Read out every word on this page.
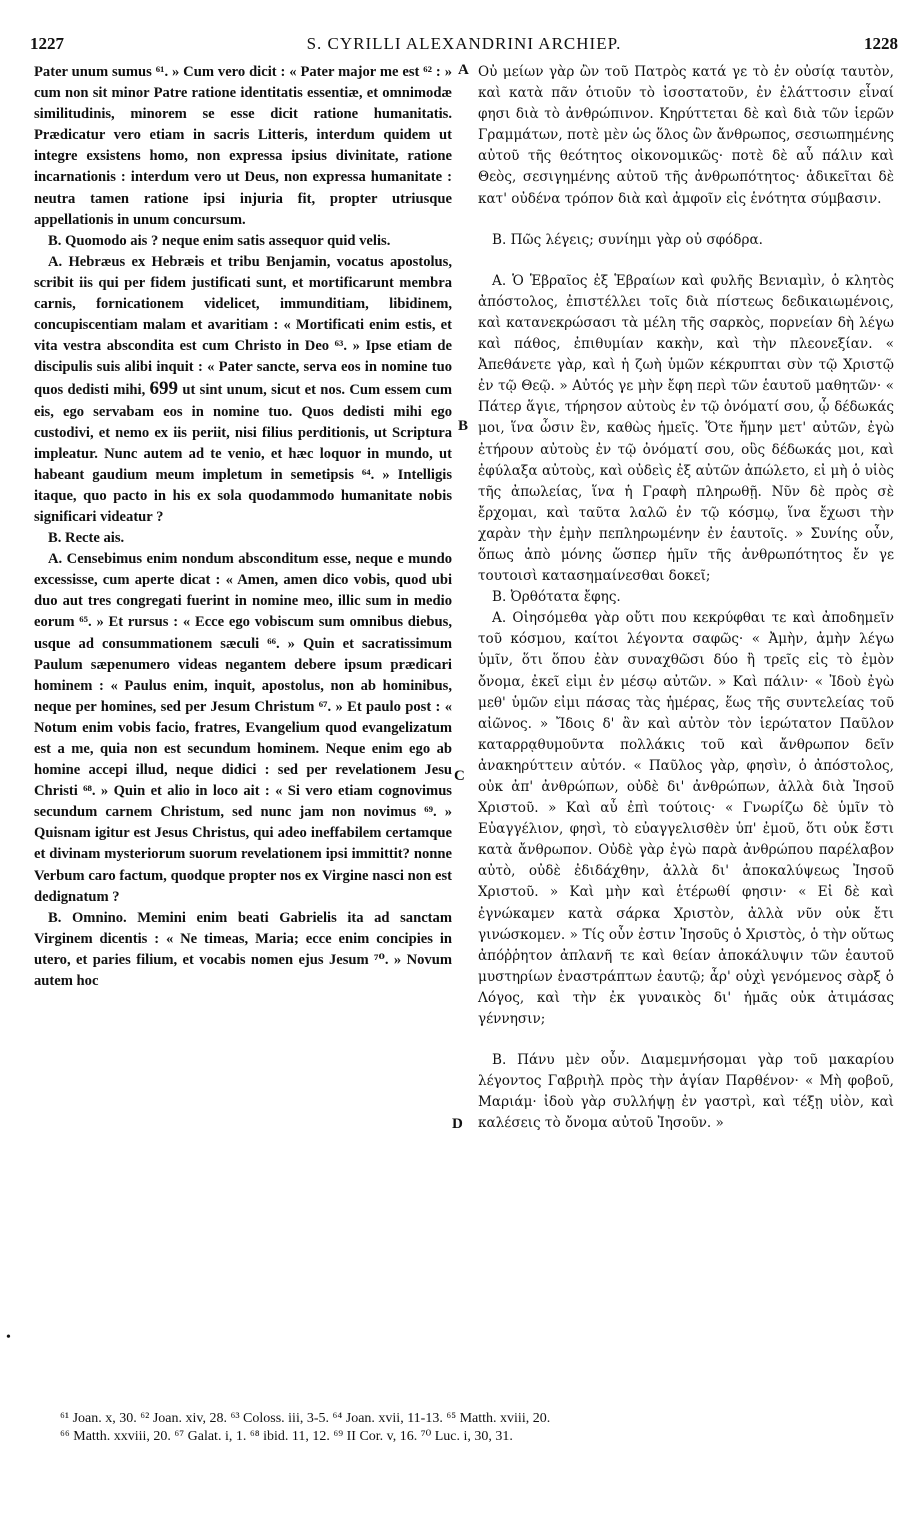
1227	S. CYRILLI ALEXANDRINI ARCHIEP.	1228

Pater unum sumus ⁶¹. » Cum vero dicit : « Pater major me est ⁶² : » cum non sit minor Patre ratione identitatis essentiæ, et omnimodæ similitudinis, minorem se esse dicit ratione humanitatis. Prædicatur vero etiam in sacris Litteris, interdum quidem ut integre exsistens homo, non expressa ipsius divinitate, ratione incarnationis : interdum vero ut Deus, non expressa humanitate : neutra tamen ratione ipsi injuria fit, propter utriusque appellationis in unum concursum.

B. Quomodo ais ? neque enim satis assequor quid velis.

A. Hebræus ex Hebræis et tribu Benjamin, vocatus apostolus, scribit iis qui per fidem justificati sunt, et mortificarunt membra carnis, fornicationem videlicet, immunditiam, libidinem, concupiscentiam malam et avaritiam : « Mortificati enim estis, et vita vestra abscondita est cum Christo in Deo ⁶³. » Ipse etiam de discipulis suis alibi inquit : « Pater sancte, serva eos in nomine tuo quos dedisti mihi, 699 ut sint unum, sicut et nos. Cum essem cum eis, ego servabam eos in nomine tuo. Quos dedisti mihi ego custodivi, et nemo ex iis periit, nisi filius perditionis, ut Scriptura impleatur. Nunc autem ad te venio, et hæc loquor in mundo, ut habeant gaudium meum impletum in semetipsis ⁶⁴. » Intelligis itaque, quo pacto in his ex sola quodammodo humanitate nobis significari videatur ?

B. Recte ais.

A. Censebimus enim nondum absconditum esse, neque e mundo excessisse, cum aperte dicat : « Amen, amen dico vobis, quod ubi duo aut tres congregati fuerint in nomine meo, illic sum in medio eorum ⁶⁵. » Et rursus : « Ecce ego vobiscum sum omnibus diebus, usque ad consummationem sæculi ⁶⁶. » Quin et sacratissimum Paulum sæpenumero videas negantem debere ipsum prædicari hominem : « Paulus enim, inquit, apostolus, non ab hominibus, neque per homines, sed per Jesum Christum ⁶⁷. » Et paulo post : « Notum enim vobis facio, fratres, Evangelium quod evangelizatum est a me, quia non est secundum hominem. Neque enim ego ab homine accepi illud, neque didici : sed per revelationem Jesu Christi ⁶⁸. » Quin et alio in loco ait : « Si vero etiam cognovimus secundum carnem Christum, sed nunc jam non novimus ⁶⁹. » Quisnam igitur est Jesus Christus, qui adeo ineffabilem certamque et divinam mysteriorum suorum revelationem ipsi immittit? nonne Verbum caro factum, quodque propter nos ex Virgine nasci non est dedignatum ?

B. Omnino. Memini enim beati Gabrielis ita ad sanctam Virginem dicentis : « Ne timeas, Maria; ecce enim concipies in utero, et paries filium, et vocabis nomen ejus Jesum ⁷⁰. » Novum autem hoc

A
B
C
D

Οὐ μείων γὰρ ὢν τοῦ Πατρὸς κατά γε τὸ ἐν οὐσίᾳ ταυτὸν, καὶ κατὰ πᾶν ὁτιοῦν τὸ ἰσοστατοῦν, ἐν ἐλάττοσιν εἶναί φησι διὰ τὸ ἀνθρώπινον. Κηρύττεται δὲ καὶ διὰ τῶν ἱερῶν Γραμμάτων, ποτὲ μὲν ὡς ὅλος ὢν ἄνθρωπος, σεσιωπημένης αὐτοῦ τῆς θεότητος οἰκονομικῶς· ποτὲ δὲ αὖ πάλιν καὶ Θεὸς, σεσιγημένης αὐτοῦ τῆς ἀνθρωπότητος· ἀδικεῖται δὲ κατ' οὐδένα τρόπον διὰ καὶ ἀμφοῖν εἰς ἑνότητα σύμβασιν.

Β. Πῶς λέγεις; συνίημι γὰρ οὐ σφόδρα.

Α. Ὁ Ἑβραῖος ἐξ Ἑβραίων καὶ φυλῆς Βενιαμὶν, ὁ κλητὸς ἀπόστολος, ἐπιστέλλει τοῖς διὰ πίστεως δεδικαιωμένοις, καὶ κατανεκρώσασι τὰ μέλη τῆς σαρκὸς, πορνείαν δὴ λέγω καὶ πάθος, ἐπιθυμίαν κακὴν, καὶ τὴν πλεονεξίαν. « Ἀπεθάνετε γὰρ, καὶ ἡ ζωὴ ὑμῶν κέκρυπται σὺν τῷ Χριστῷ ἐν τῷ Θεῷ. » Αὐτός γε μὴν ἔφη περὶ τῶν ἑαυτοῦ μαθητῶν· « Πάτερ ἅγιε, τήρησον αὐτοὺς ἐν τῷ ὀνόματί σου, ᾧ δέδωκάς μοι, ἵνα ὦσιν ἓν, καθὼς ἡμεῖς. Ὅτε ἤμην μετ' αὐτῶν, ἐγὼ ἐτήρουν αὐτοὺς ἐν τῷ ὀνόματί σου, οὓς δέδωκάς μοι, καὶ ἐφύλαξα αὐτοὺς, καὶ οὐδεὶς ἐξ αὐτῶν ἀπώλετο, εἰ μὴ ὁ υἱὸς τῆς ἀπωλείας, ἵνα ἡ Γραφὴ πληρωθῇ. Νῦν δὲ πρὸς σὲ ἔρχομαι, καὶ ταῦτα λαλῶ ἐν τῷ κόσμῳ, ἵνα ἔχωσι τὴν χαρὰν τὴν ἐμὴν πεπληρωμένην ἐν ἑαυτοῖς. » Συνίης οὖν, ὅπως ἀπὸ μόνης ὥσπερ ἡμῖν τῆς ἀνθρωπότητος ἔν γε τουτοισὶ κατασημαίνεσθαι δοκεῖ;

Β. Ὀρθότατα ἔφης.

Α. Οἰησόμεθα γὰρ οὔτι που κεκρύφθαι τε καὶ ἀποδημεῖν τοῦ κόσμου, καίτοι λέγοντα σαφῶς· « Ἀμὴν, ἀμὴν λέγω ὑμῖν, ὅτι ὅπου ἐὰν συναχθῶσι δύο ἢ τρεῖς εἰς τὸ ἐμὸν ὄνομα, ἐκεῖ εἰμι ἐν μέσῳ αὐτῶν. » Καὶ πάλιν· « Ἰδοὺ ἐγὼ μεθ' ὑμῶν εἰμι πάσας τὰς ἡμέρας, ἕως τῆς συντελείας τοῦ αἰῶνος. » Ἴδοις δ' ἂν καὶ αὐτὸν τὸν ἱερώτατον Παῦλον καταρρᾳθυμοῦντα πολλάκις τοῦ καὶ ἄνθρωπον δεῖν ἀνακηρύττειν αὐτόν. « Παῦλος γὰρ, φησὶν, ὁ ἀπόστολος, οὐκ ἀπ' ἀνθρώπων, οὐδὲ δι' ἀνθρώπων, ἀλλὰ διὰ Ἰησοῦ Χριστοῦ. » Καὶ αὖ ἐπὶ τούτοις· « Γνωρίζω δὲ ὑμῖν τὸ Εὐαγγέλιον, φησὶ, τὸ εὐαγγελισθὲν ὑπ' ἐμοῦ, ὅτι οὐκ ἔστι κατὰ ἄνθρωπον. Οὐδὲ γὰρ ἐγὼ παρὰ ἀνθρώπου παρέλαβον αὐτὸ, οὐδὲ ἐδιδάχθην, ἀλλὰ δι' ἀποκαλύψεως Ἰησοῦ Χριστοῦ. » Καὶ μὴν καὶ ἑτέρωθί φησιν· « Εἰ δὲ καὶ ἐγνώκαμεν κατὰ σάρκα Χριστὸν, ἀλλὰ νῦν οὐκ ἔτι γινώσκομεν. » Τίς οὖν ἐστιν Ἰησοῦς ὁ Χριστὸς, ὁ τὴν οὕτως ἀπόῤῥητον ἀπλανῆ τε καὶ θείαν ἀποκάλυψιν τῶν ἑαυτοῦ μυστηρίων ἐναστράπτων ἑαυτῷ; ἆρ' οὐχὶ γενόμενος σὰρξ ὁ Λόγος, καὶ τὴν ἐκ γυναικὸς δι' ἡμᾶς οὐκ ἀτιμάσας γέννησιν;

Β. Πάνυ μὲν οὖν. Διαμεμνήσομαι γὰρ τοῦ μακαρίου λέγοντος Γαβριὴλ πρὸς τὴν ἁγίαν Παρθένον· « Μὴ φοβοῦ, Μαριάμ· ἰδοὺ γὰρ συλλήψῃ ἐν γαστρὶ, καὶ τέξῃ υἱὸν, καὶ καλέσεις τὸ ὄνομα αὐτοῦ Ἰησοῦν. »

•

⁶¹ Joan. x, 30. ⁶² Joan. xiv, 28. ⁶³ Coloss. iii, 3-5. ⁶⁴ Joan. xvii, 11-13. ⁶⁵ Matth. xviii, 20.

⁶⁶ Matth. xxviii, 20. ⁶⁷ Galat. i, 1. ⁶⁸ ibid. 11, 12. ⁶⁹ II Cor. v, 16. ⁷⁰ Luc. i, 30, 31.
